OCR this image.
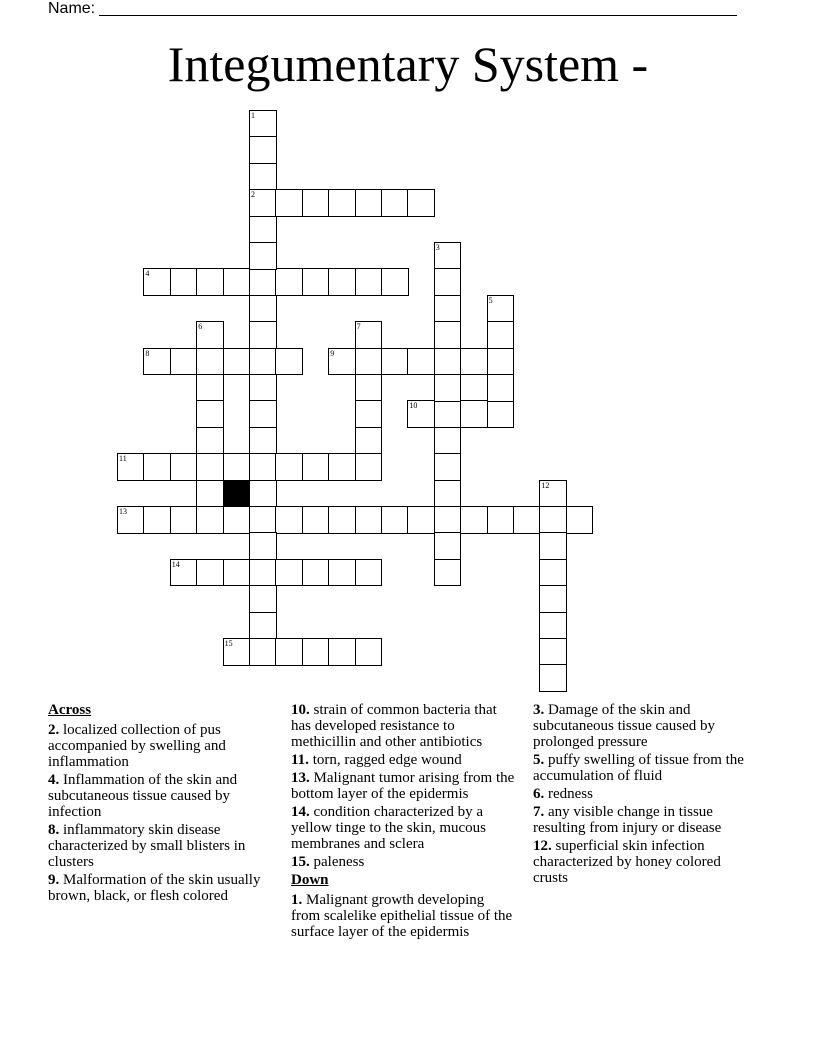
Name:
Integumentary System -
2
4
8	9
10
11
13
14
15
1
3
5
6	7
12
Across
2. localized collection of pus accompanied by swelling and inflammation
4. Inflammation of the skin and subcutaneous tissue caused by infection
8. inflammatory skin disease characterized by small blisters in clusters
9. Malformation of the skin usually brown, black, or flesh colored
10. strain of common bacteria that has developed resistance to methicillin and other antibiotics
11. torn, ragged edge wound
13. Malignant tumor arising from the bottom layer of the epidermis
14. condition characterized by a yellow tinge to the skin, mucous membranes and sclera
15. paleness
Down
1. Malignant growth developing from scalelike epithelial tissue of the surface layer of the epidermis
3. Damage of the skin and subcutaneous tissue caused by prolonged pressure
5. puffy swelling of tissue from the accumulation of fluid
6. redness
7. any visible change in tissue resulting from injury or disease
12. superficial skin infection characterized by honey colored crusts
